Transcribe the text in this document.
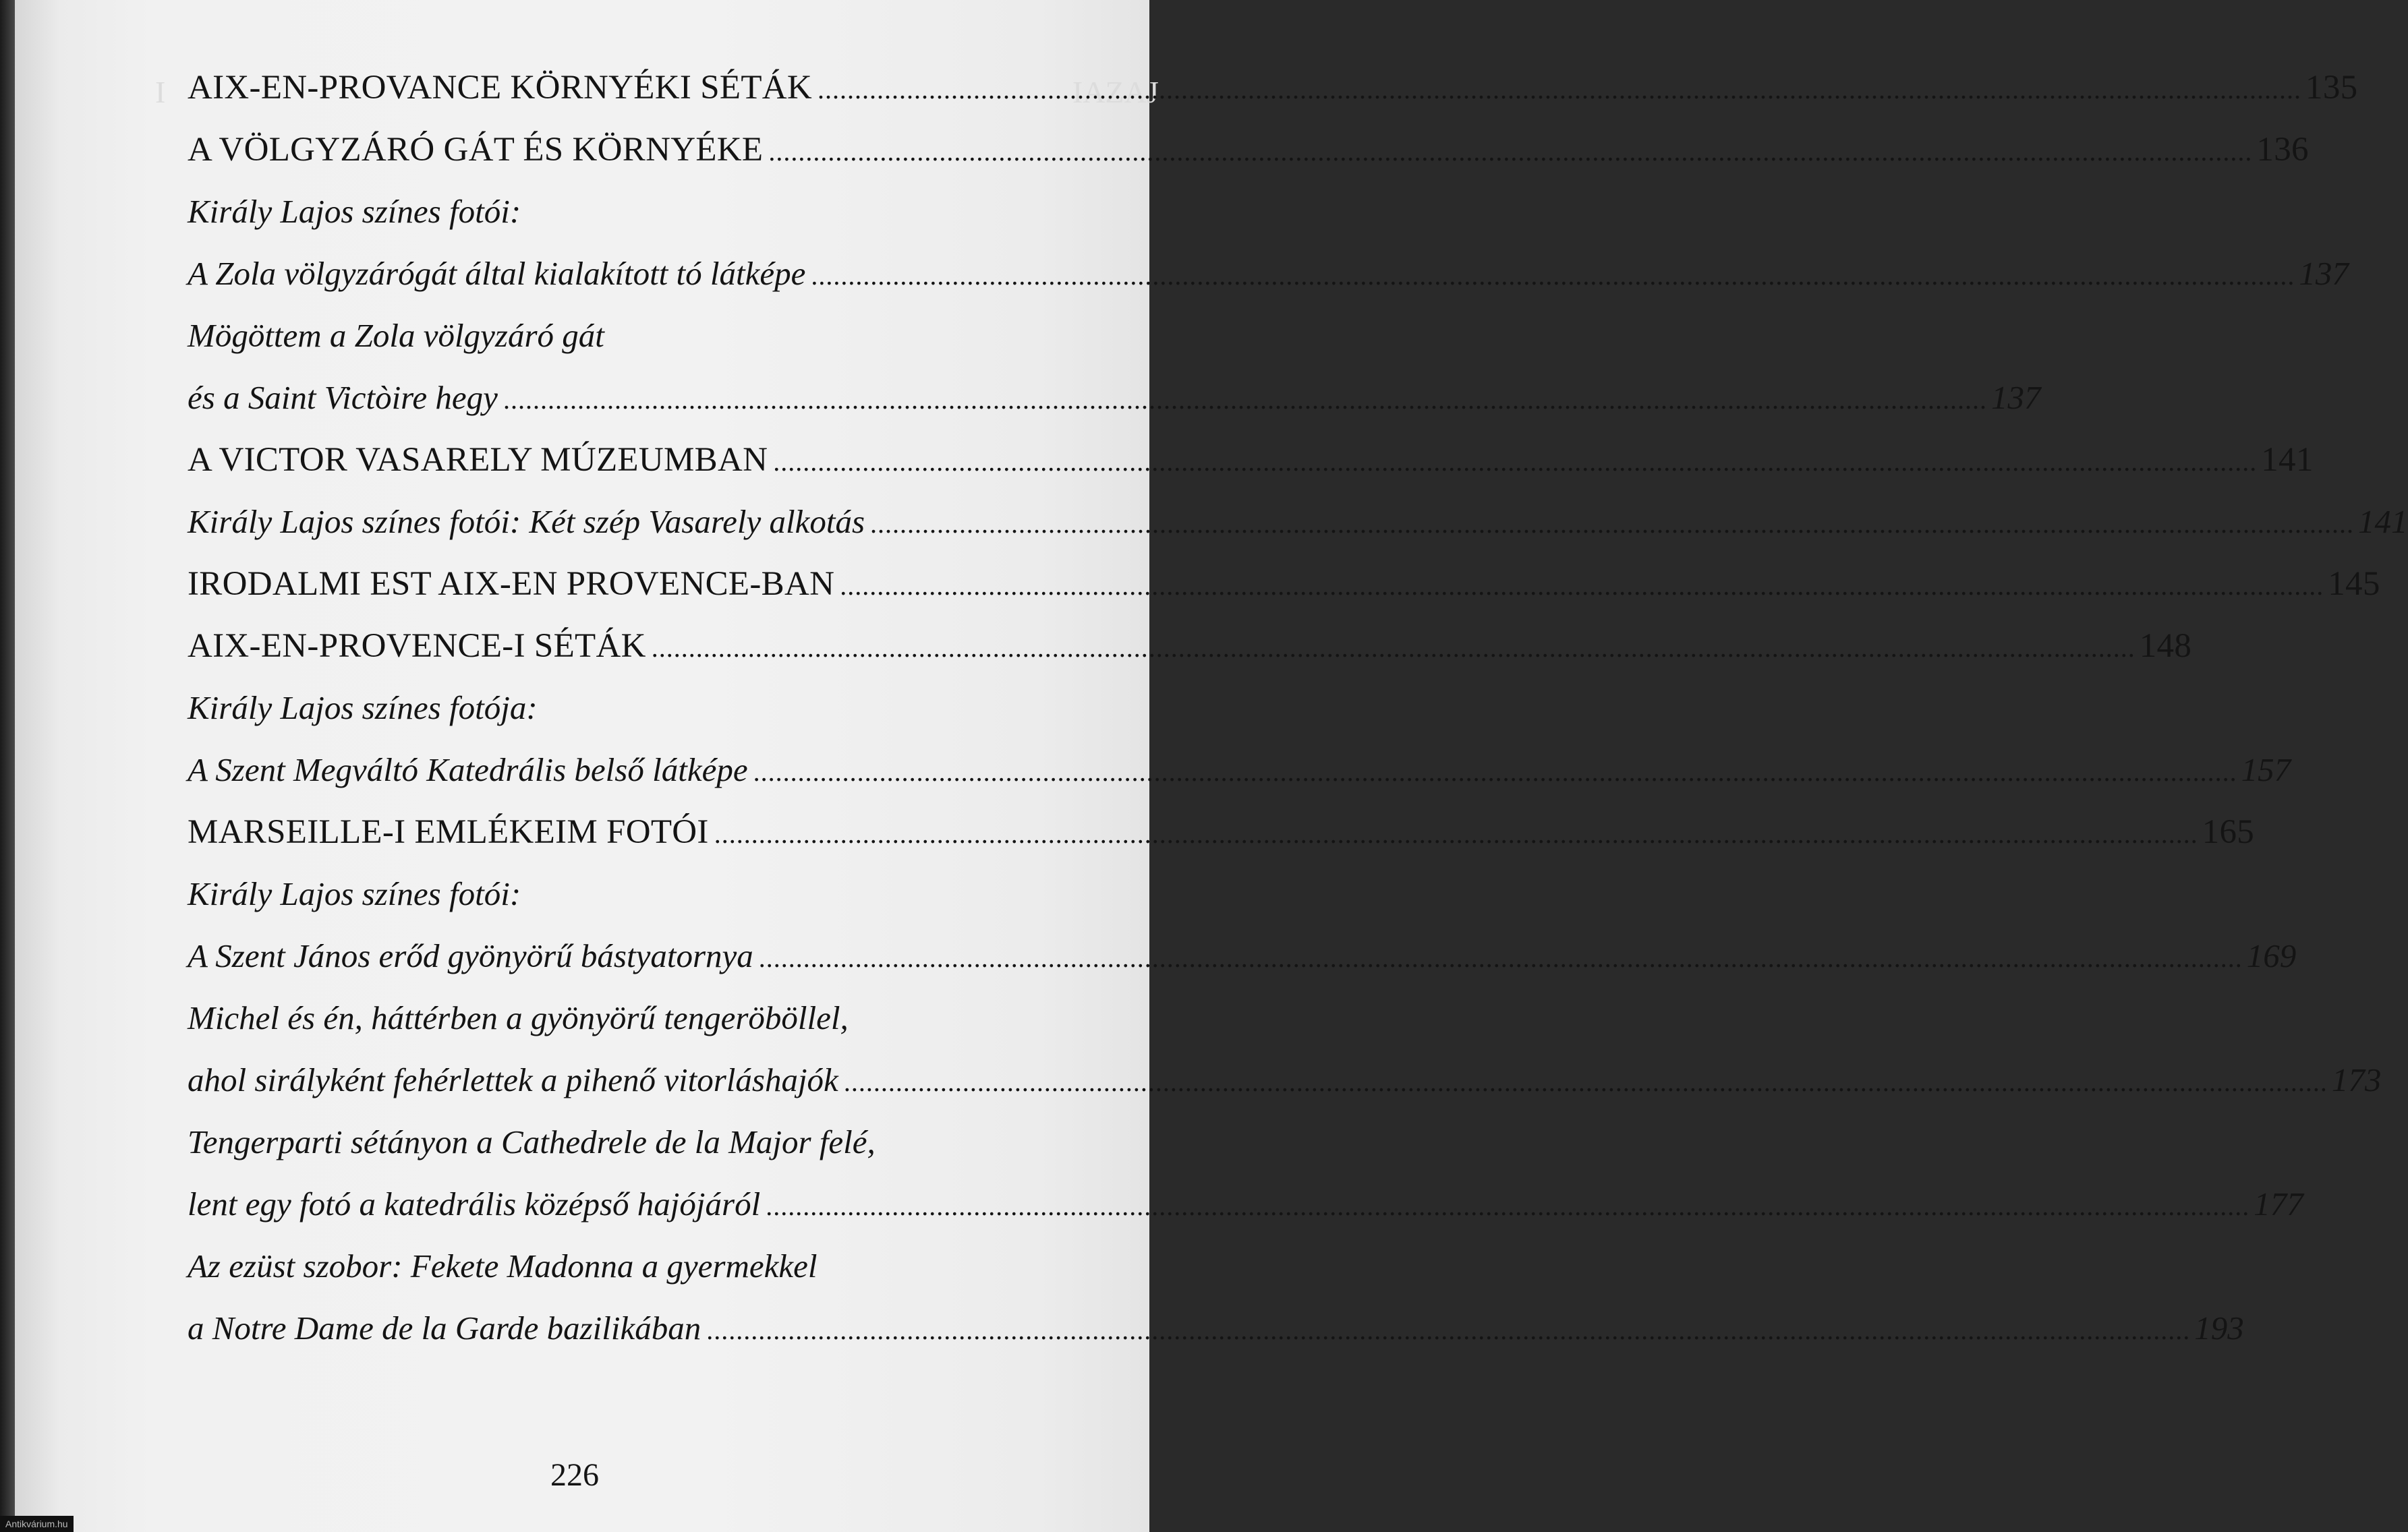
I	IAZAJ
AIX-EN-PROVANCE KÖRNYÉKI SÉTÁK .....	135
A VÖLGYZÁRÓ GÁT ÉS KÖRNYÉKE .....	136
Király Lajos színes fotói:
A Zola völgyzárógát által kialakított tó látképe .....	137
Mögöttem a Zola völgyzáró gát
és a Saint Victòire hegy .....	137
A VICTOR VASARELY MÚZEUMBAN .....	141
Király Lajos színes fotói: Két szép Vasarely alkotás .....	141
IRODALMI EST AIX-EN PROVENCE-BAN .....	145
AIX-EN-PROVENCE-I SÉTÁK .....	148
Király Lajos színes fotója:
A Szent Megváltó Katedrális belső látképe .....	157
MARSEILLE-I EMLÉKEIM FOTÓI .....	165
Király Lajos színes fotói:
A Szent János erőd gyönyörű bástyatornya .....	169
Michel és én, háttérben a gyönyörű tengeröböllel,
ahol sirályként fehérlettek a pihenő vitorláshajók .....	173
Tengerparti sétányon a Cathedrele de la Major felé,
lent egy fotó a katedrális középső hajójáról .....	177
Az ezüst szobor: Fekete Madonna a gyermekkel
a Notre Dame de la Garde bazilikában .....	193
226
Antikvárium.hu
